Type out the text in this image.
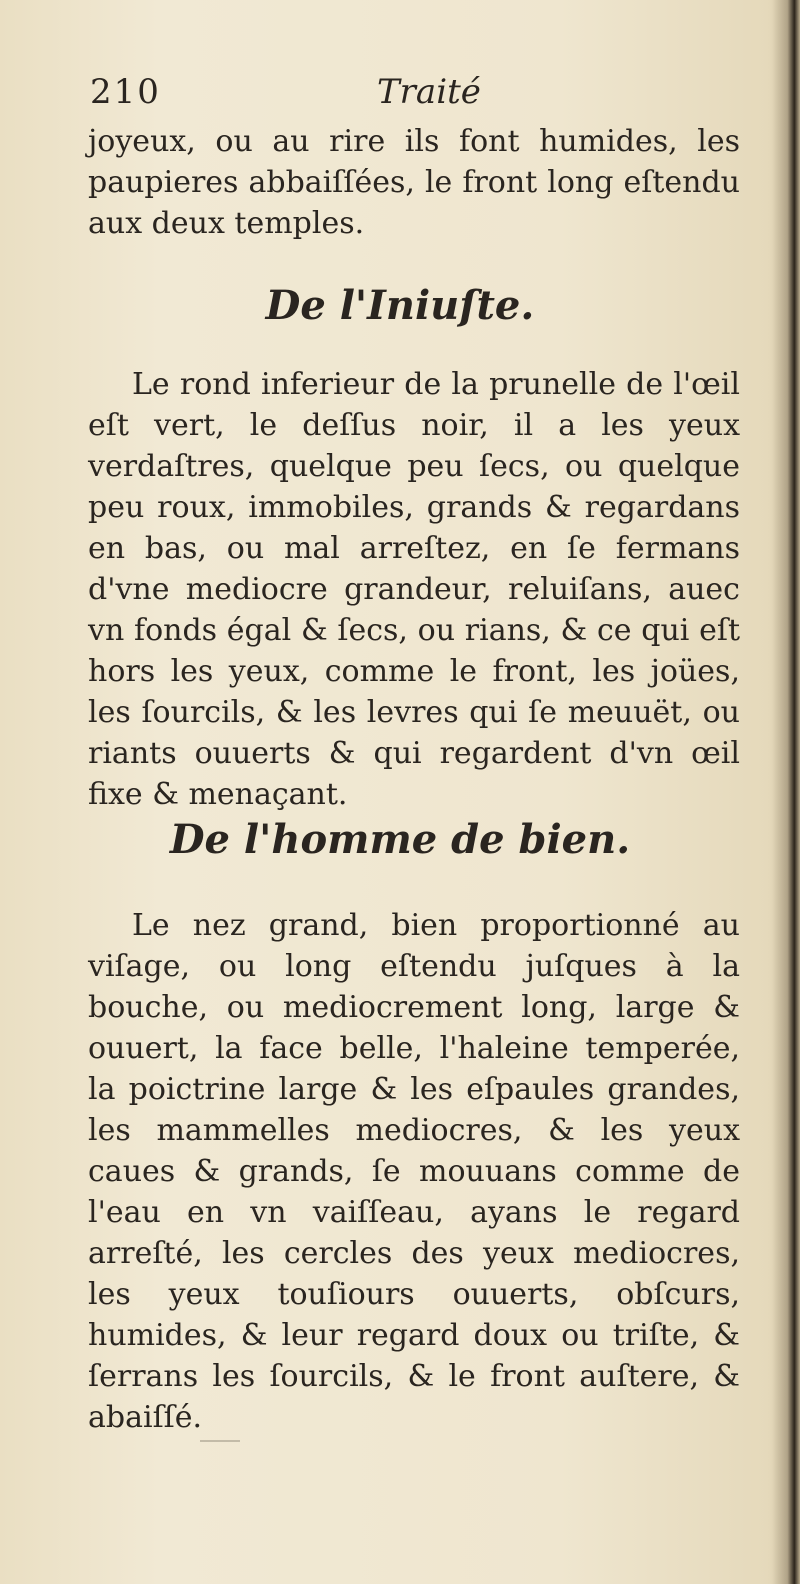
210	Traité
joyeux, ou au rire ils font humides, les paupieres abbaiſſées, le front long eſtendu aux deux temples.
De l'Iniuſte.
Le rond inferieur de la prunelle de l'œil eſt vert, le deſſus noir, il a les yeux verdaſtres, quelque peu ſecs, ou quelque peu roux, immobiles, grands & regardans en bas, ou mal arreſtez, en ſe fermans d'vne mediocre grandeur, reluiſans, auec vn fonds égal & ſecs, ou rians, & ce qui eſt hors les yeux, comme le front, les joües, les ſourcils, & les levres qui ſe meuuët, ou riants ouuerts & qui regardent d'vn œil fixe & menaçant.
De l'homme de bien.
Le nez grand, bien proportionné au viſage, ou long eſtendu juſques à la bouche, ou mediocrement long, large & ouuert, la face belle, l'haleine temperée, la poictrine large & les eſpaules grandes, les mammelles mediocres, & les yeux caues & grands, ſe mouuans comme de l'eau en vn vaiſſeau, ayans le regard arreſté, les cercles des yeux mediocres, les yeux touſiours ouuerts, obſcurs, humides, & leur regard doux ou triſte, & ſerrans les ſourcils, & le front auſtere, & abaiſſé.
